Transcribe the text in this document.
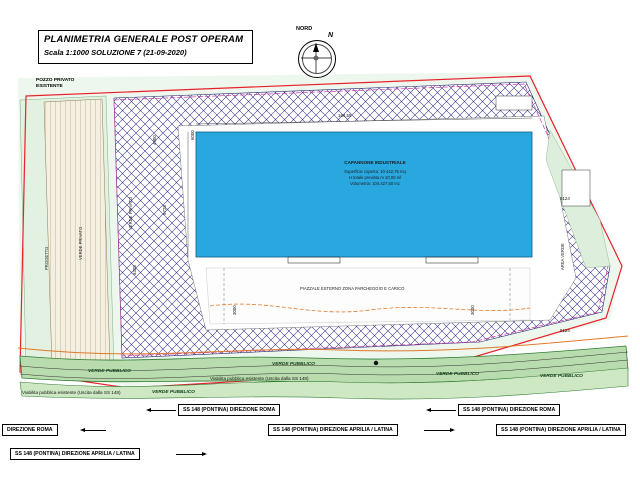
PLANIMETRIA GENERALE POST OPERAM
Scala 1:1000 SOLUZIONE 7 (21-09-2020)
NORD
N
POZZO PRIVATO
ESISTENTE
CAPANNONE INDUSTRIALE
Superficie coperta: 10.442,75 mq
H totale prevista m 10,00 ml
Volumetria: 104.427,50 mc
164,55
6000
4900
5725
5325
5124
5124
3000	3000
PIAZZALE ESTERNO ZONA PARCHEGGIO E CARICO
VERDE PRIVATO
VERDE PRIVATO
PROGETTO	AREA VERDE
VERDE PUBBLICO
VERDE PUBBLICO
VERDE PUBBLICO	VERDE PUBBLICO
VERDE PUBBLICO
Viabilita pubblica esistente (Uscita dalla SS 148)
Viabilita pubblica esistente (Uscita dalla SS 148)
SS 148 (PONTINA) DIREZIONE ROMA	SS 148 (PONTINA) DIREZIONE ROMA
SS 148 (PONTINA) DIREZIONE APRILIA / LATINA	SS 148 (PONTINA) DIREZIONE APRILIA / LATINA
DIREZIONE ROMA
SS 148 (PONTINA) DIREZIONE APRILIA / LATINA
